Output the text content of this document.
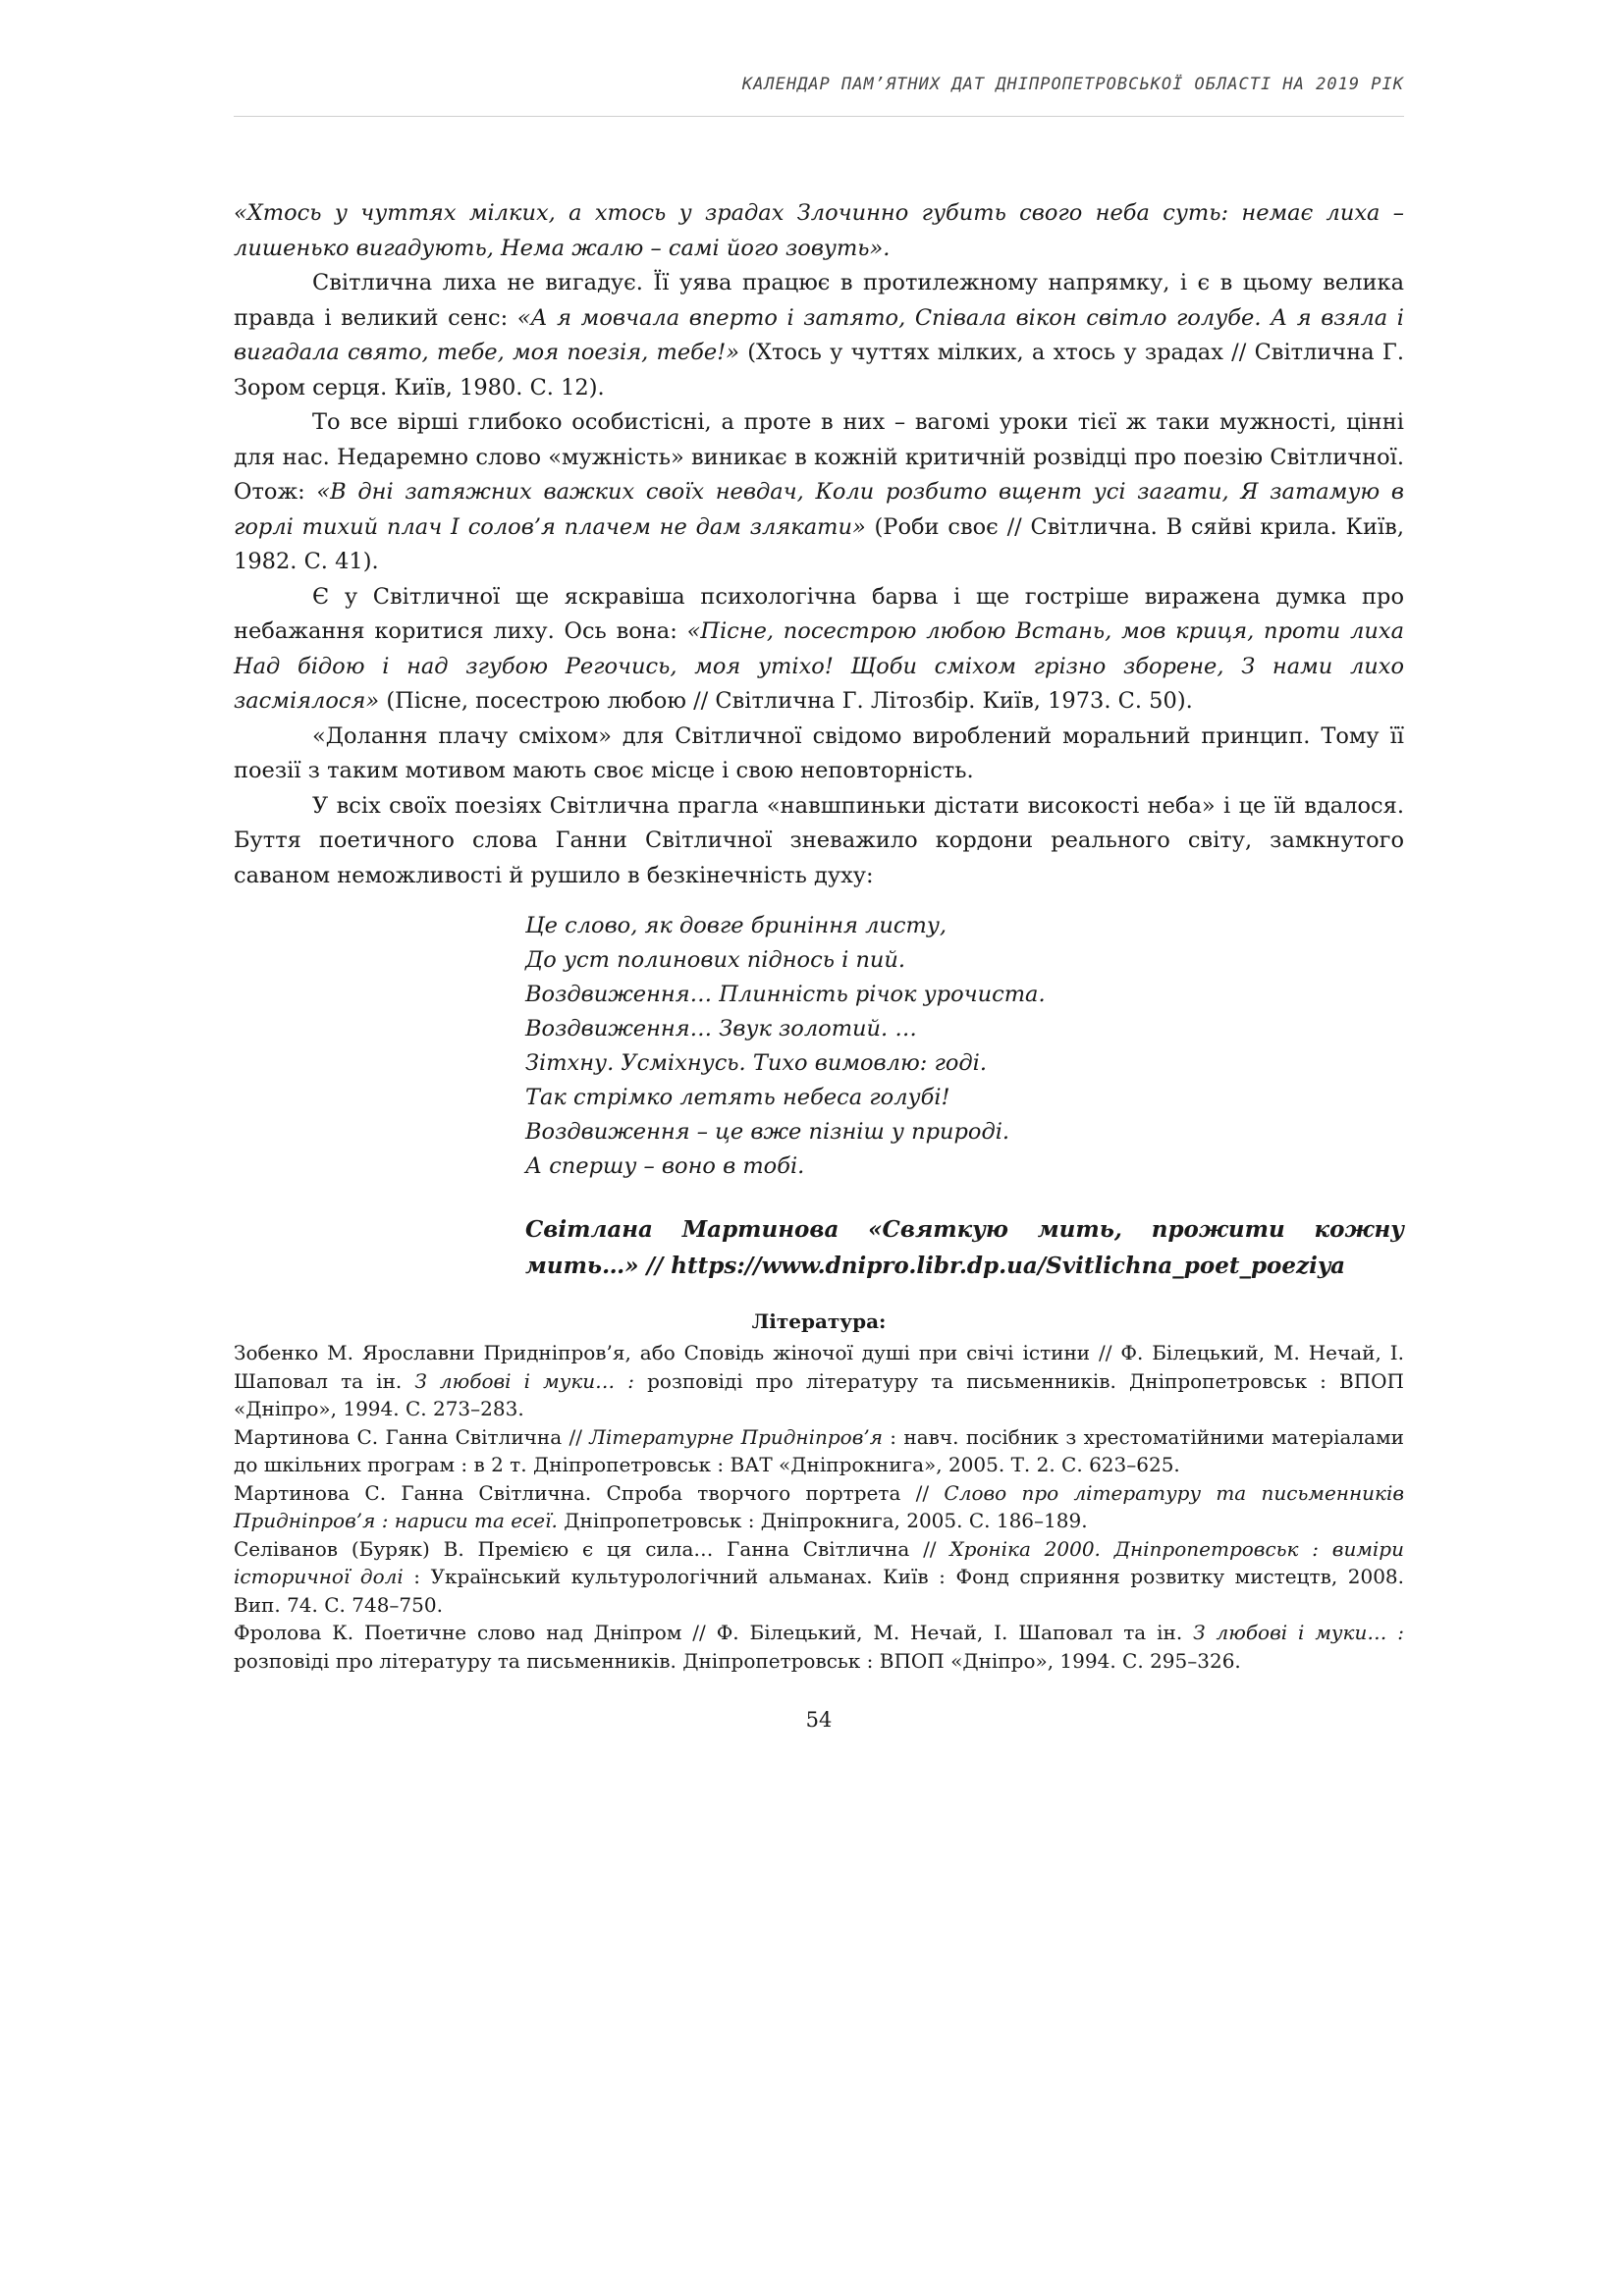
КАЛЕНДАР ПАМ’ЯТНИХ ДАТ ДНІПРОПЕТРОВСЬКОЇ ОБЛАСТІ НА 2019 РІК

«Хтось у чуттях мілких, а хтось у зрадах Злочинно губить свого неба суть: немає лиха – лишенько вигадують, Нема жалю – самі його зовуть».

Світлична лиха не вигадує. Її уява працює в протилежному напрямку, і є в цьому велика правда і великий сенс: «А я мовчала вперто і затято, Співала вікон світло голубе. А я взяла і вигадала свято, тебе, моя поезія, тебе!» (Хтось у чуттях мілких, а хтось у зрадах // Світлична Г. Зором серця. Київ, 1980. С. 12).

То все вірші глибоко особистісні, а проте в них – вагомі уроки тієї ж таки мужності, цінні для нас. Недаремно слово «мужність» виникає в кожній критичній розвідці про поезію Світличної. Отож: «В дні затяжних важких своїх невдач, Коли розбито вщент усі загати, Я затамую в горлі тихий плач І солов’я плачем не дам злякати» (Роби своє // Світлична. В сяйві крила. Київ, 1982. С. 41).

Є у Світличної ще яскравіша психологічна барва і ще гостріше виражена думка про небажання коритися лиху. Ось вона: «Пісне, посестрою любою Встань, мов криця, проти лиха Над бідою і над згубою Регочись, моя утіхо! Щоби сміхом грізно зборене, З нами лихо засміялося» (Пісне, посестрою любою // Світлична Г. Літозбір. Київ, 1973. С. 50).

«Долання плачу сміхом» для Світличної свідомо вироблений моральний принцип. Тому її поезії з таким мотивом мають своє місце і свою неповторність.

У всіх своїх поезіях Світлична прагла «навшпиньки дістати високості неба» і це їй вдалося. Буття поетичного слова Ганни Світличної зневажило кордони реального світу, замкнутого саваном неможливості й рушило в безкінечність духу:

Це слово, як довге бриніння листу,
До уст полинових піднось і пий.
Воздвиження… Плинність річок урочиста.
Воздвиження… Звук золотий. …
Зітхну. Усміхнусь. Тихо вимовлю: годі.
Так стрімко летять небеса голубі!
Воздвиження – це вже пізніш у природі.
А спершу – воно в тобі.
Світлана Мартинова «Святкую мить, прожити кожну мить…» // https://www.dnipro.libr.dp.ua/Svitlichna_poet_poeziya
Література:

Зобенко М. Ярославни Придніпров’я, або Сповідь жіночої душі при свічі істини // Ф. Білецький, М. Нечай, І. Шаповал та ін. З любові і муки… : розповіді про літературу та письменників. Дніпропетровськ : ВПОП «Дніпро», 1994. С. 273–283.

Мартинова С. Ганна Світлична // Літературне Придніпров’я : навч. посібник з хрестоматійними матеріалами до шкільних програм : в 2 т. Дніпропетровськ : ВАТ «Дніпрокнига», 2005. Т. 2. С. 623–625.

Мартинова С. Ганна Світлична. Спроба творчого портрета // Слово про літературу та письменників Придніпров’я : нариси та есеї. Дніпропетровськ : Дніпрокнига, 2005. С. 186–189.

Селіванов (Буряк) В. Премією є ця сила… Ганна Світлична // Хроніка 2000. Дніпропетровськ : виміри історичної долі : Український культурологічний альманах. Київ : Фонд сприяння розвитку мистецтв, 2008. Вип. 74. С. 748–750.

Фролова К. Поетичне слово над Дніпром // Ф. Білецький, М. Нечай, І. Шаповал та ін. З любові і муки… : розповіді про літературу та письменників. Дніпропетровськ : ВПОП «Дніпро», 1994. С. 295–326.

54
